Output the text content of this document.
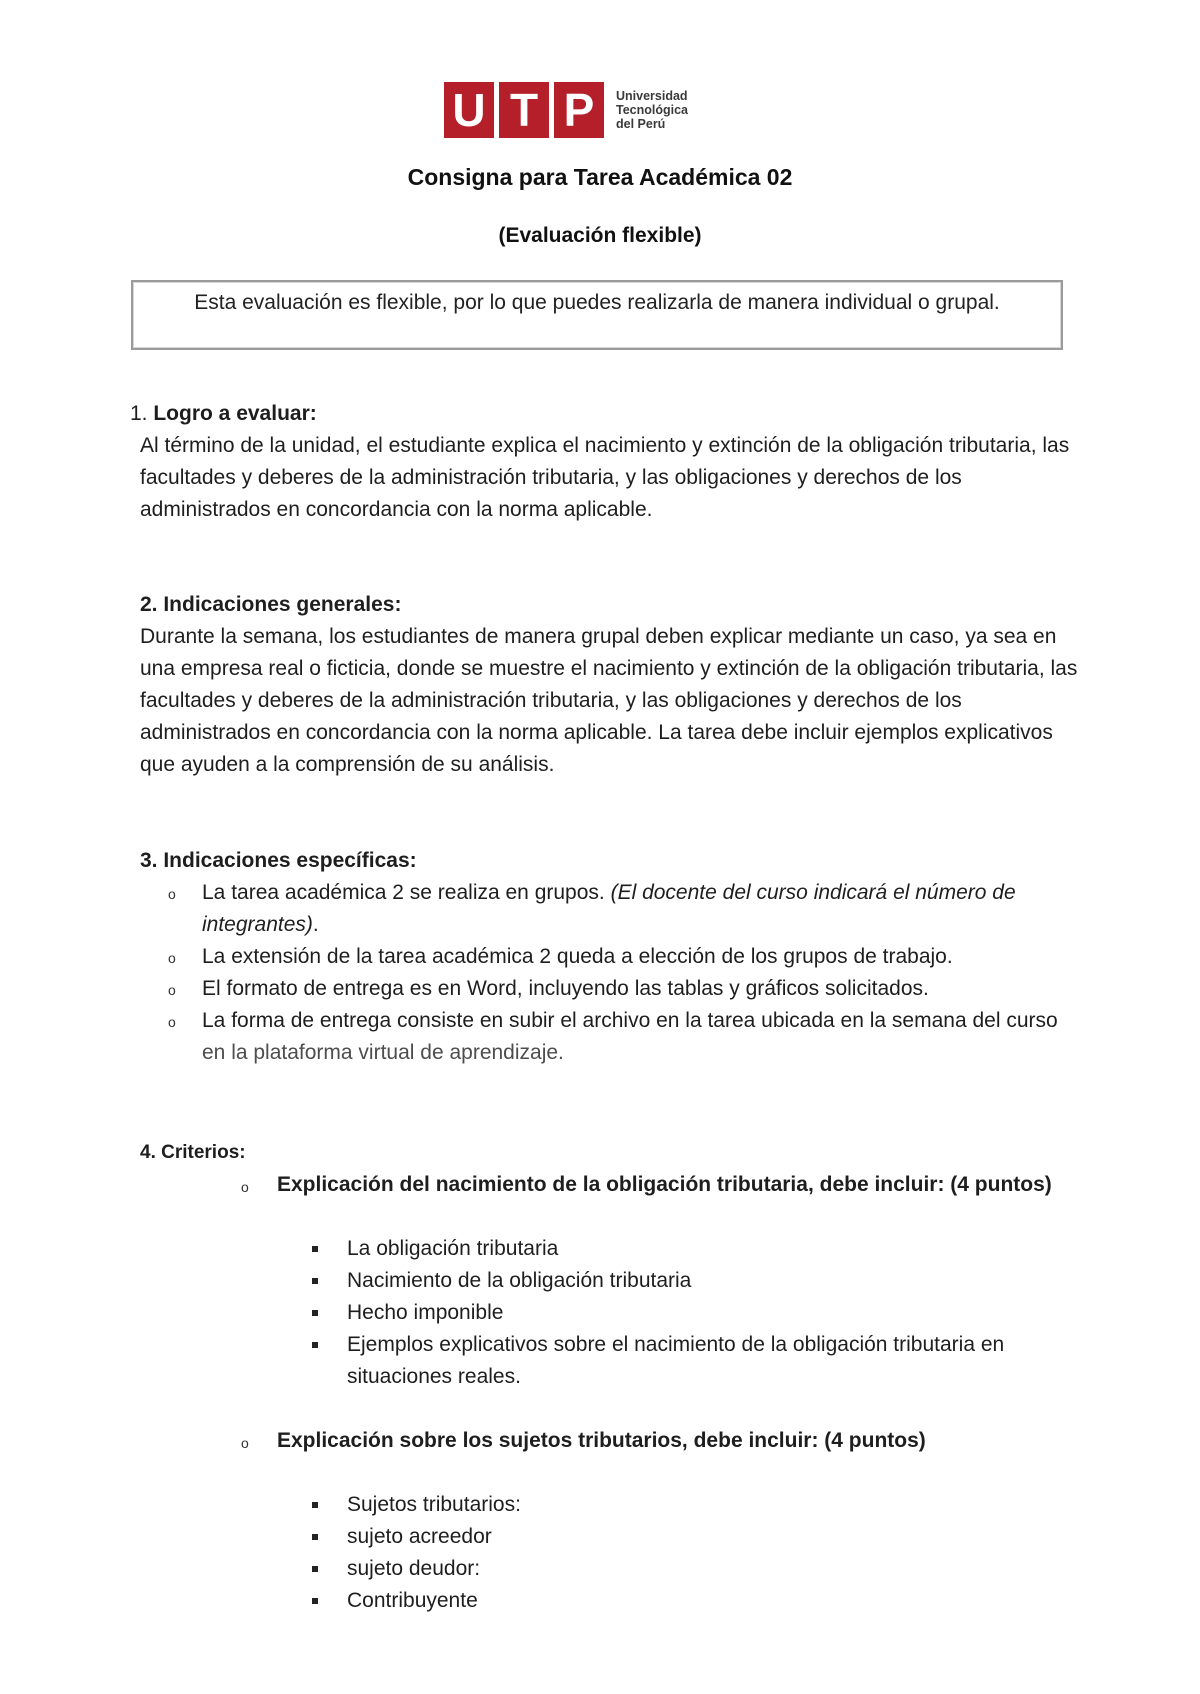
U T P	Universidad
Tecnológica
del Perú
Consigna para Tarea Académica 02
(Evaluación flexible)
Esta evaluación es flexible, por lo que puedes realizarla de manera individual o grupal.
1. Logro a evaluar:
Al término de la unidad, el estudiante explica el nacimiento y extinción de la obligación tributaria, las facultades y deberes de la administración tributaria, y las obligaciones y derechos de los administrados en concordancia con la norma aplicable.
2. Indicaciones generales:
Durante la semana, los estudiantes de manera grupal deben explicar mediante un caso, ya sea en una empresa real o ficticia, donde se muestre el nacimiento y extinción de la obligación tributaria, las facultades y deberes de la administración tributaria, y las obligaciones y derechos de los administrados en concordancia con la norma aplicable. La tarea debe incluir ejemplos explicativos que ayuden a la comprensión de su análisis.
3. Indicaciones específicas:
o La tarea académica 2 se realiza en grupos. (El docente del curso indicará el número de integrantes).
o La extensión de la tarea académica 2 queda a elección de los grupos de trabajo.
o El formato de entrega es en Word, incluyendo las tablas y gráficos solicitados.
o La forma de entrega consiste en subir el archivo en la tarea ubicada en la semana del curso en la plataforma virtual de aprendizaje.
4. Criterios:
o Explicación del nacimiento de la obligación tributaria, debe incluir: (4 puntos)
La obligación tributaria
Nacimiento de la obligación tributaria
Hecho imponible
Ejemplos explicativos sobre el nacimiento de la obligación tributaria en situaciones reales.
o Explicación sobre los sujetos tributarios, debe incluir: (4 puntos)
Sujetos tributarios:
sujeto acreedor
sujeto deudor:
Contribuyente
